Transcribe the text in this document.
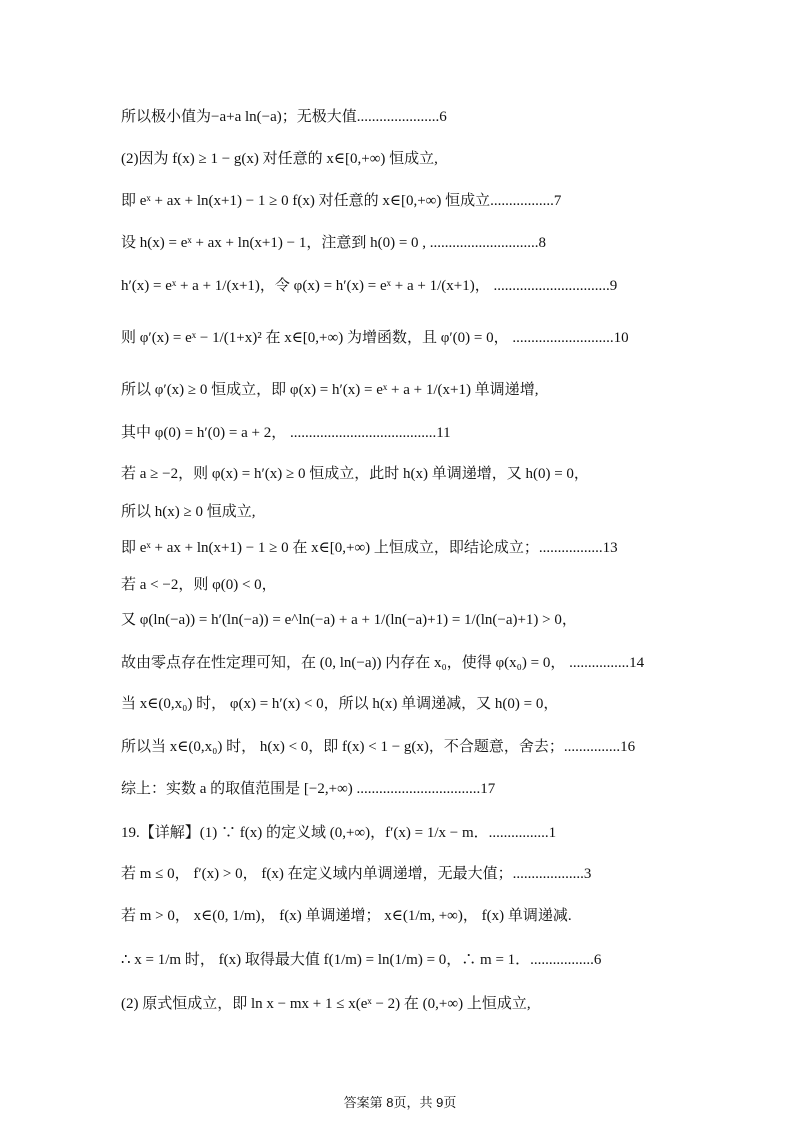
所以极小值为−a+a ln(−a)；无极大值......................6
(2)因为 f(x) ≥ 1 − g(x) 对任意的 x∈[0,+∞) 恒成立,
即 eˣ + ax + ln(x+1) − 1 ≥ 0 f(x) 对任意的 x∈[0,+∞) 恒成立.................7
设 h(x) = eˣ + ax + ln(x+1) − 1，注意到 h(0) = 0 , .............................8
h′(x) = eˣ + a + 1/(x+1)，令 φ(x) = h′(x) = eˣ + a + 1/(x+1)， ...............................9
则 φ′(x) = eˣ − 1/(1+x)² 在 x∈[0,+∞) 为增函数，且 φ′(0) = 0， ...........................10
所以 φ′(x) ≥ 0 恒成立，即 φ(x) = h′(x) = eˣ + a + 1/(x+1) 单调递增,
其中 φ(0) = h′(0) = a + 2， .......................................11
若 a ≥ −2，则 φ(x) = h′(x) ≥ 0 恒成立，此时 h(x) 单调递增，又 h(0) = 0，
所以 h(x) ≥ 0 恒成立,
即 eˣ + ax + ln(x+1) − 1 ≥ 0 在 x∈[0,+∞) 上恒成立，即结论成立；.................13
若 a < −2，则 φ(0) < 0，
又 φ(ln(−a)) = h′(ln(−a)) = e^ln(−a) + a + 1/(ln(−a)+1) = 1/(ln(−a)+1) > 0，
故由零点存在性定理可知，在 (0, ln(−a)) 内存在 x₀，使得 φ(x₀) = 0， ................14
当 x∈(0,x₀) 时， φ(x) = h′(x) < 0，所以 h(x) 单调递减，又 h(0) = 0，
所以当 x∈(0,x₀) 时， h(x) < 0，即 f(x) < 1 − g(x)，不合题意，舍去；...............16
综上：实数 a 的取值范围是 [−2,+∞) .................................17
19.【详解】(1) ∵ f(x) 的定义域 (0,+∞)，f′(x) = 1/x − m．................1
若 m ≤ 0， f′(x) > 0， f(x) 在定义域内单调递增，无最大值；...................3
若 m > 0， x∈(0, 1/m)， f(x) 单调递增； x∈(1/m, +∞)， f(x) 单调递减.
∴ x = 1/m 时， f(x) 取得最大值 f(1/m) = ln(1/m) = 0，∴ m = 1．.................6
(2) 原式恒成立，即 ln x − mx + 1 ≤ x(eˣ − 2) 在 (0,+∞) 上恒成立,
答案第 8页，共 9页
